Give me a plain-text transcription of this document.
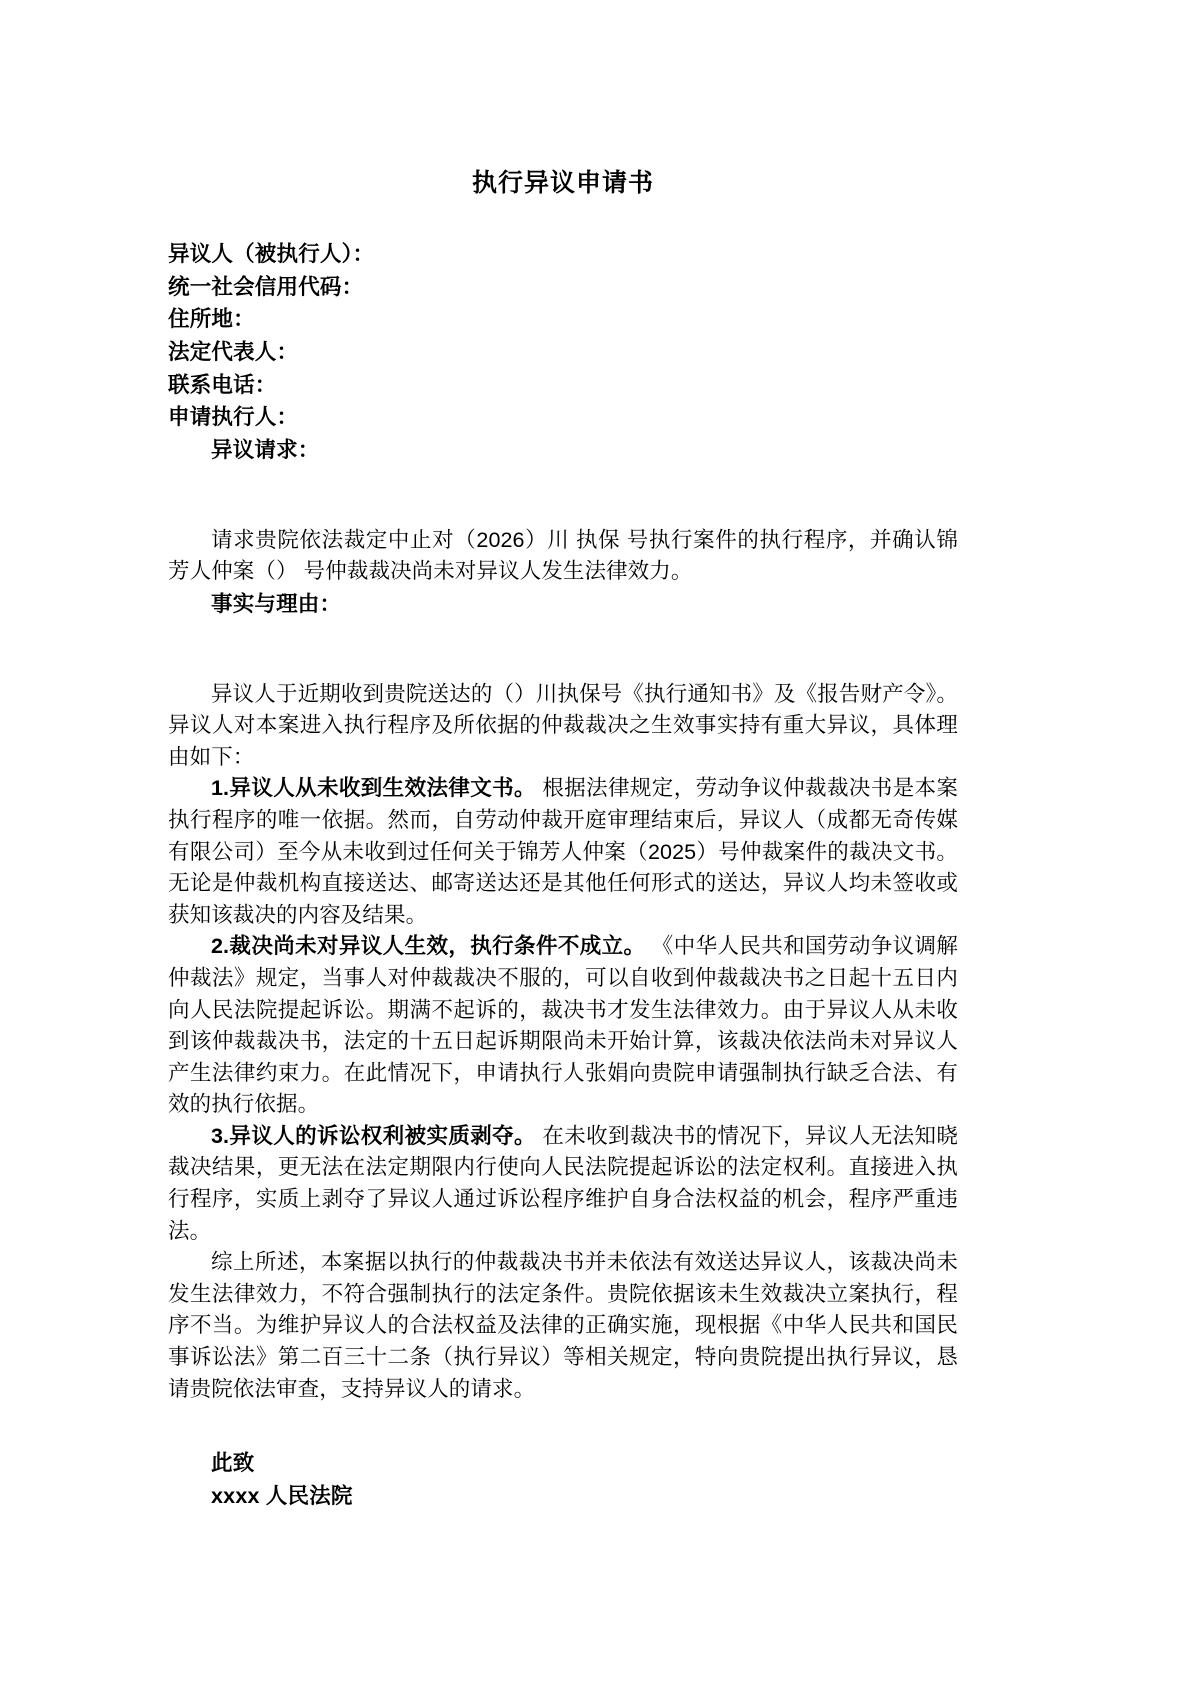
执行异议申请书
异议人（被执行人）：
统一社会信用代码：
住所地：
法定代表人：
联系电话：
申请执行人：
异议请求：

请求贵院依法裁定中止对（2026）川 执保 号执行案件的执行程序，并确认锦芳人仲案（） 号仲裁裁决尚未对异议人发生法律效力。

事实与理由：

异议人于近期收到贵院送达的（）川执保号《执行通知书》及《报告财产令》。异议人对本案进入执行程序及所依据的仲裁裁决之生效事实持有重大异议，具体理由如下：

1.异议人从未收到生效法律文书。 根据法律规定，劳动争议仲裁裁决书是本案执行程序的唯一依据。然而，自劳动仲裁开庭审理结束后，异议人（成都无奇传媒有限公司）至今从未收到过任何关于锦芳人仲案（2025）号仲裁案件的裁决文书。无论是仲裁机构直接送达、邮寄送达还是其他任何形式的送达，异议人均未签收或获知该裁决的内容及结果。

2.裁决尚未对异议人生效，执行条件不成立。 《中华人民共和国劳动争议调解仲裁法》规定，当事人对仲裁裁决不服的，可以自收到仲裁裁决书之日起十五日内向人民法院提起诉讼。期满不起诉的，裁决书才发生法律效力。由于异议人从未收到该仲裁裁决书，法定的十五日起诉期限尚未开始计算，该裁决依法尚未对异议人产生法律约束力。在此情况下，申请执行人张娟向贵院申请强制执行缺乏合法、有效的执行依据。

3.异议人的诉讼权利被实质剥夺。 在未收到裁决书的情况下，异议人无法知晓裁决结果，更无法在法定期限内行使向人民法院提起诉讼的法定权利。直接进入执行程序，实质上剥夺了异议人通过诉讼程序维护自身合法权益的机会，程序严重违法。

综上所述，本案据以执行的仲裁裁决书并未依法有效送达异议人，该裁决尚未发生法律效力，不符合强制执行的法定条件。贵院依据该未生效裁决立案执行，程序不当。为维护异议人的合法权益及法律的正确实施，现根据《中华人民共和国民事诉讼法》第二百三十二条（执行异议）等相关规定，特向贵院提出执行异议，恳请贵院依法审查，支持异议人的请求。

此致
xxxx 人民法院
